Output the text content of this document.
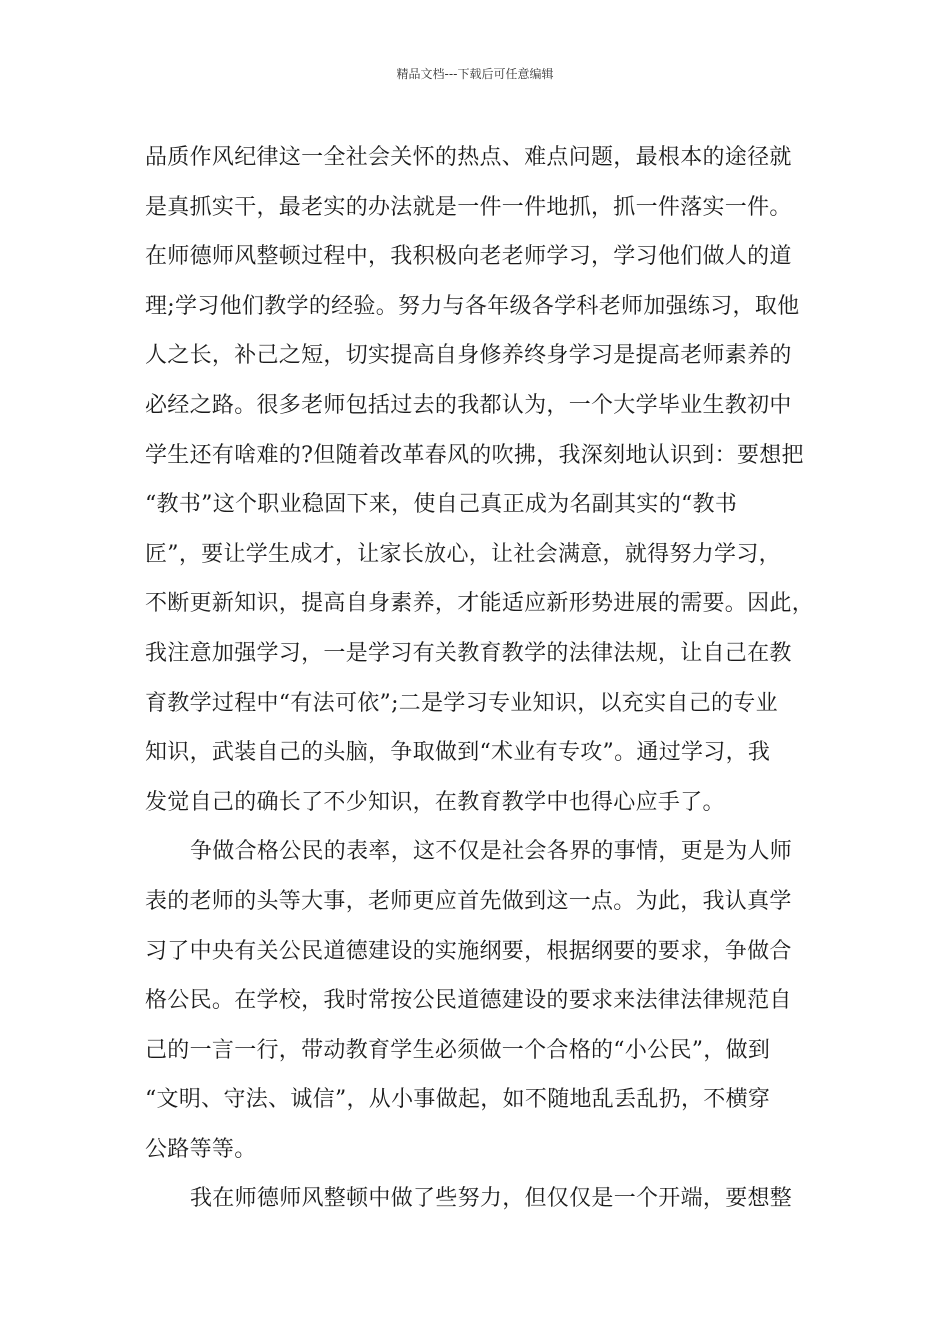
精品文档---下载后可任意编辑
品质作风纪律这一全社会关怀的热点、难点问题，最根本的途径就
是真抓实干，最老实的办法就是一件一件地抓，抓一件落实一件。
在师德师风整顿过程中，我积极向老老师学习，学习他们做人的道
理;学习他们教学的经验。努力与各年级各学科老师加强练习，取他
人之长，补己之短，切实提高自身修养终身学习是提高老师素养的
必经之路。很多老师包括过去的我都认为，一个大学毕业生教初中
学生还有啥难的?但随着改革春风的吹拂，我深刻地认识到：要想把
“教书”这个职业稳固下来，使自己真正成为名副其实的“教书
匠”，要让学生成才，让家长放心，让社会满意，就得努力学习，
不断更新知识，提高自身素养，才能适应新形势进展的需要。因此，
我注意加强学习，一是学习有关教育教学的法律法规，让自己在教
育教学过程中“有法可依”;二是学习专业知识，以充实自己的专业
知识，武装自己的头脑，争取做到“术业有专攻”。通过学习，我
发觉自己的确长了不少知识，在教育教学中也得心应手了。
争做合格公民的表率，这不仅是社会各界的事情，更是为人师
表的老师的头等大事，老师更应首先做到这一点。为此，我认真学
习了中央有关公民道德建设的实施纲要，根据纲要的要求，争做合
格公民。在学校，我时常按公民道德建设的要求来法律法律规范自
己的一言一行，带动教育学生必须做一个合格的“小公民”，做到
“文明、守法、诚信”，从小事做起，如不随地乱丢乱扔，不横穿
公路等等。
我在师德师风整顿中做了些努力，但仅仅是一个开端，要想整
